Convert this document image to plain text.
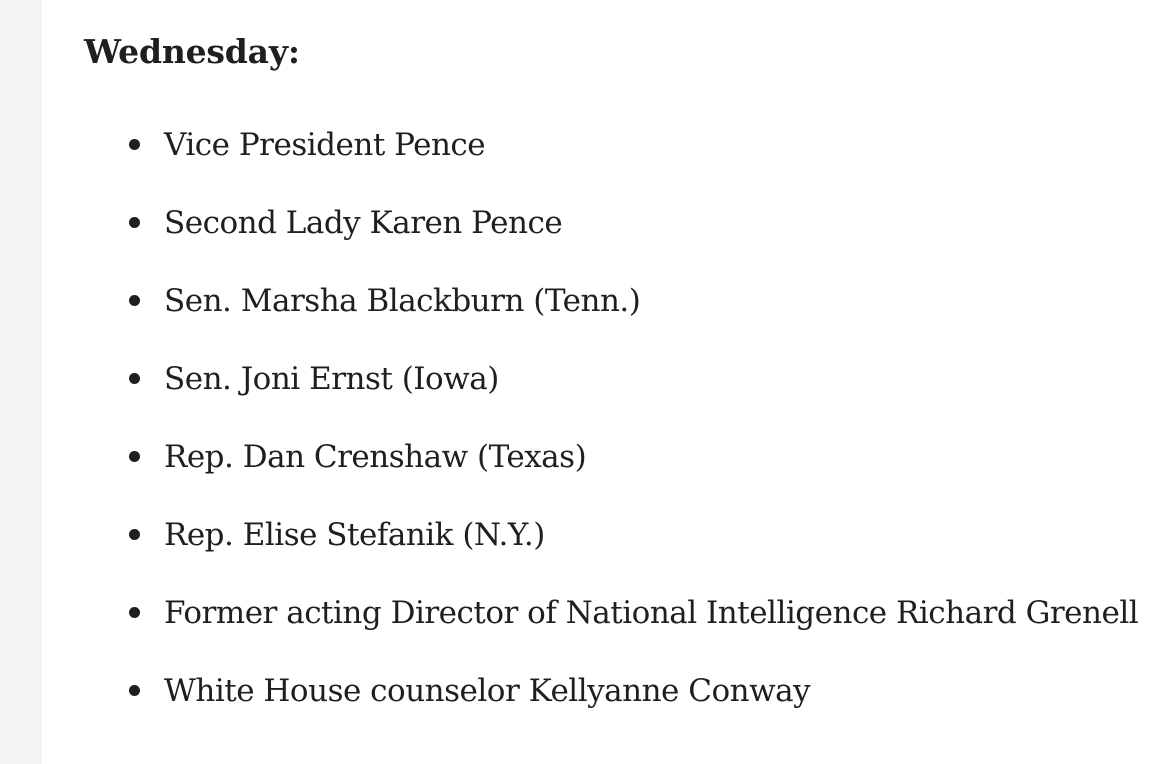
Wednesday:
Vice President Pence
Second Lady Karen Pence
Sen. Marsha Blackburn (Tenn.)
Sen. Joni Ernst (Iowa)
Rep. Dan Crenshaw (Texas)
Rep. Elise Stefanik (N.Y.)
Former acting Director of National Intelligence Richard Grenell
White House counselor Kellyanne Conway
